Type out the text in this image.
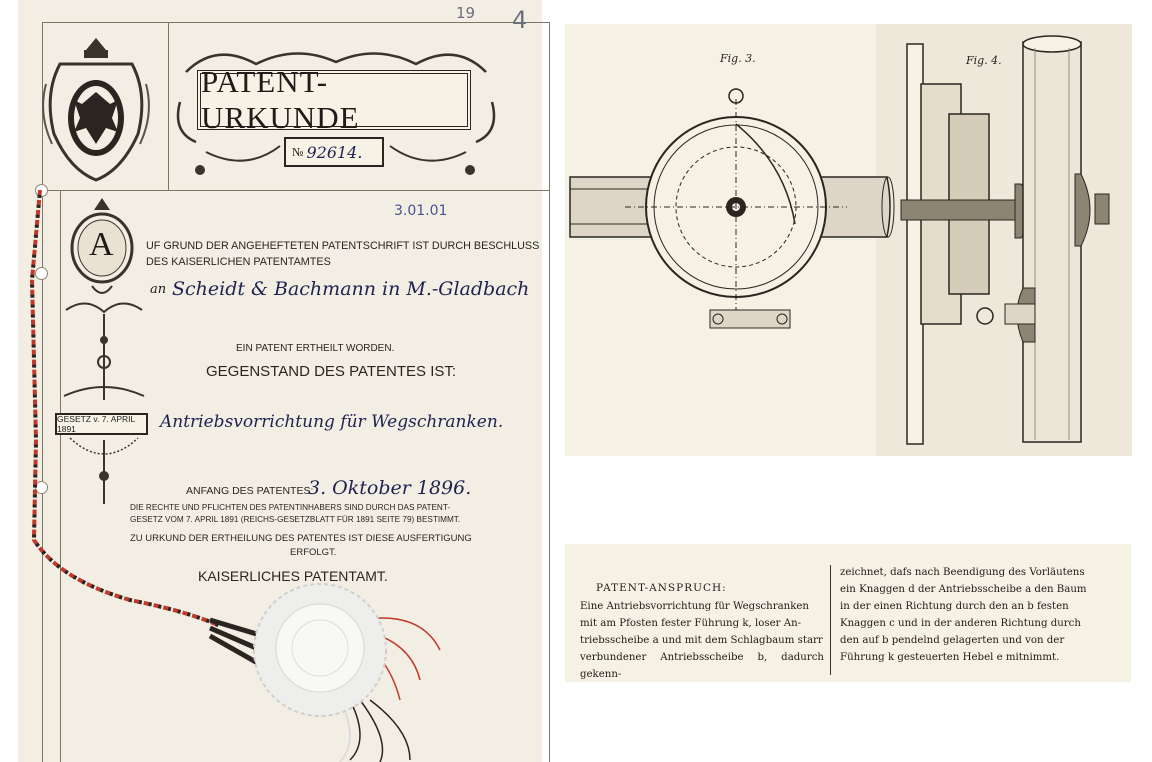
19 4
PATENT-URKUNDE
№ 92614.
3.01.01
A	UF GRUND DER ANGEHEFTETEN PATENTSCHRIFT IST DURCH BESCHLUSS
DES KAISERLICHEN PATENTAMTES
an Scheidt & Bachmann in M.-Gladbach
GESETZ v. 7. APRIL 1891
EIN PATENT ERTHEILT WORDEN.
GEGENSTAND DES PATENTES IST:
Antriebsvorrichtung für Wegschranken.
ANFANG DES PATENTES:
3. Oktober 1896.
DIE RECHTE UND PFLICHTEN DES PATENTINHABERS SIND DURCH DAS PATENT-
GESETZ VOM 7. APRIL 1891 (REICHS-GESETZBLATT FÜR 1891 SEITE 79) BESTIMMT.
ZU URKUND DER ERTHEILUNG DES PATENTES IST DIESE AUSFERTIGUNG
ERFOLGT.
KAISERLICHES PATENTAMT.
Fig. 3.	Fig. 4.
PATENT-ANSPRUCH:
Eine Antriebsvorrichtung für Wegschranken
mit am Pfosten fester Führung k, loser An-
triebsscheibe a und mit dem Schlagbaum starr
verbundener Antriebsscheibe b, dadurch gekenn-
zeichnet, dafs nach Beendigung des Vorläutens
ein Knaggen d der Antriebsscheibe a den Baum
in der einen Richtung durch den an b festen
Knaggen c und in der anderen Richtung durch
den auf b pendelnd gelagerten und von der
Führung k gesteuerten Hebel e mitnimmt.
